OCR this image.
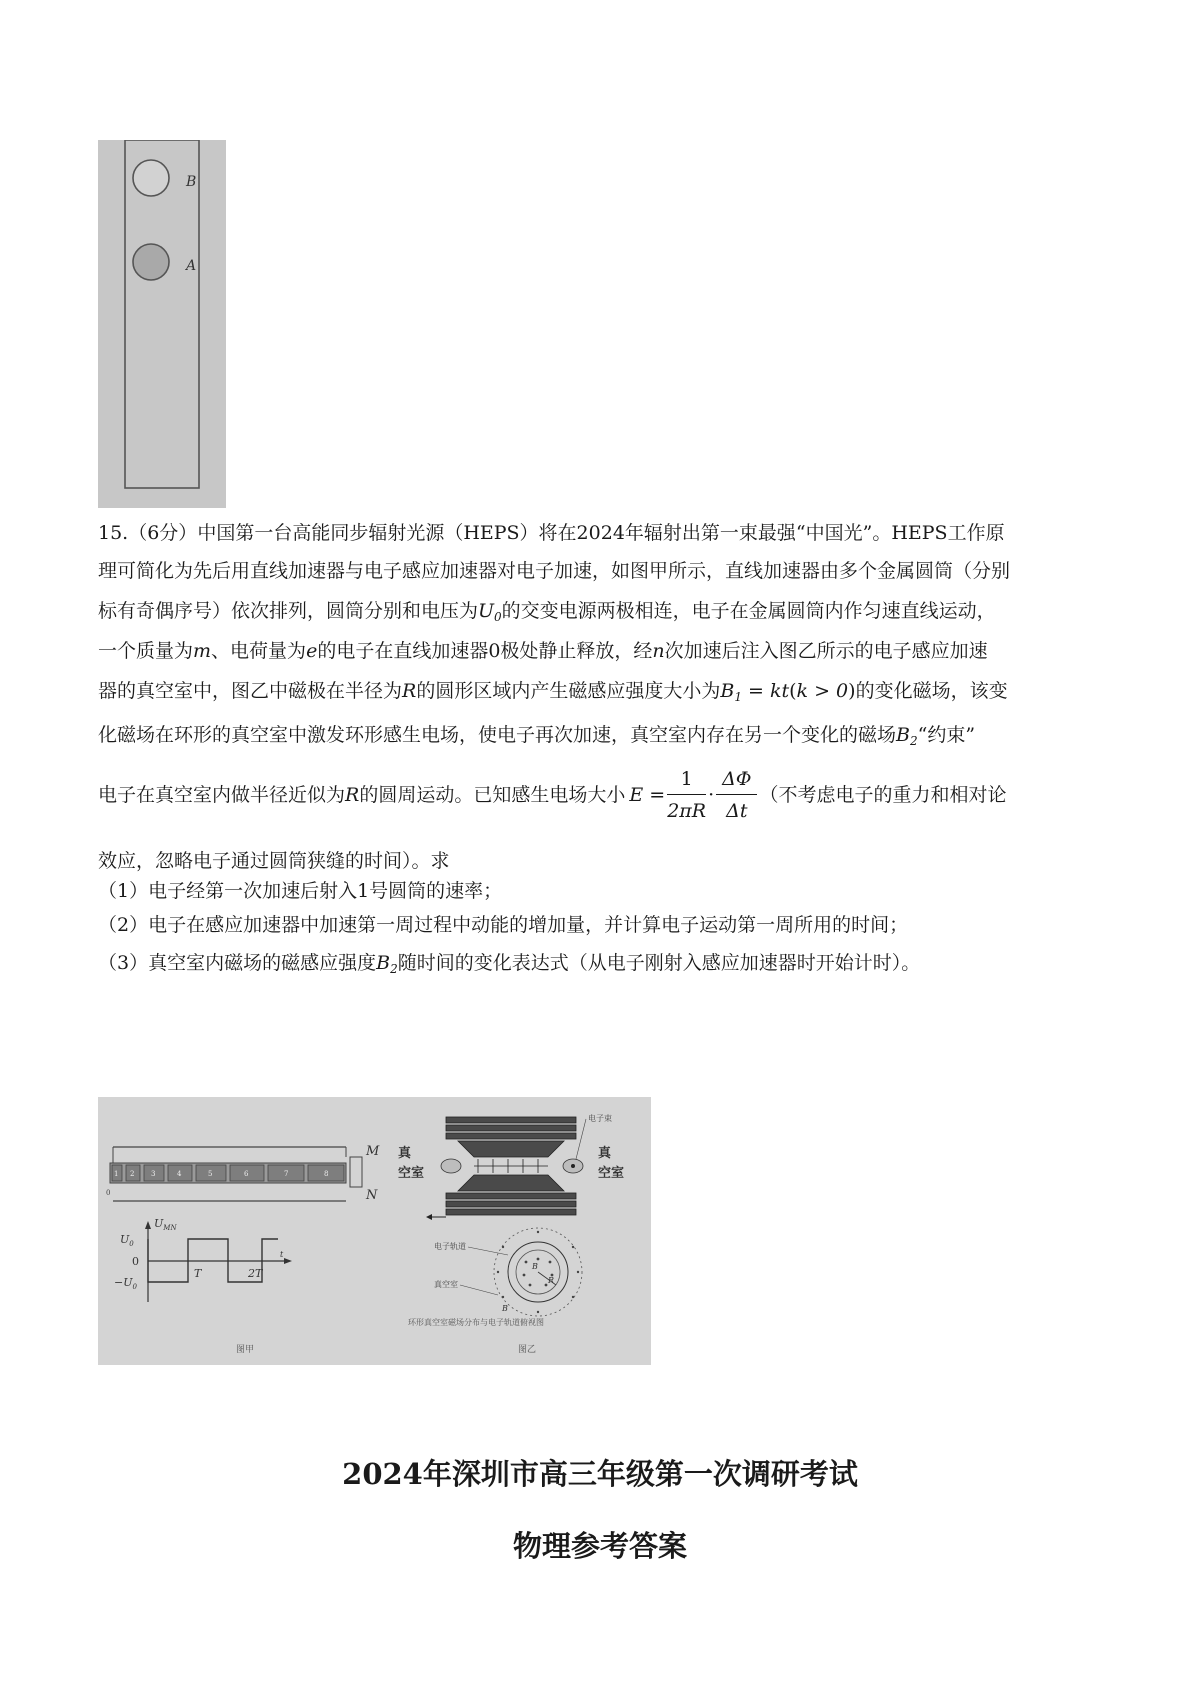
B
A
15.（6分）中国第一台高能同步辐射光源（HEPS）将在2024年辐射出第一束最强“中国光”。HEPS工作原
理可简化为先后用直线加速器与电子感应加速器对电子加速，如图甲所示，直线加速器由多个金属圆筒（分别
标有奇偶序号）依次排列，圆筒分别和电压为$U_0$的交变电源两极相连，电子在金属圆筒内作匀速直线运动，
一个质量为m、电荷量为e的电子在直线加速器0极处静止释放，经n次加速后注入图乙所示的电子感应加速
器的真空室中，图乙中磁极在半径为R的圆形区域内产生磁感应强度大小为$B_1 = kt(k > 0)$的变化磁场，该变
化磁场在环形的真空室中激发环形感生电场，使电子再次加速，真空室内存在另一个变化的磁场$B_2“$约束”
电子在真空室内做半径近似为 R 的圆周运动。已知感生电场大小 $E = \frac{1}{2\pi R} \cdot \frac{\Delta\Phi}{\Delta t}$ （不考虑电子的重力和相对论
效应，忽略电子通过圆筒狭缝的时间）。求
（1）电子经第一次加速后射入1号圆筒的速率；
（2）电子在感应加速器中加速第一周过程中动能的增加量，并计算电子运动第一周所用的时间；
（3）真空室内磁场的磁感应强度$B_2$随时间的变化表达式（从电子刚射入感应加速器时开始计时）。
1 2 3	4	5	6	7	8
0
M
N
$U_{MN}$
$U_0$
0
$-U_0$
T	2T
t
图甲
电子束
真
空室
真
空室
B
R
B
电子轨道
真空室
环形真空室磁场分布与电子轨道俯视图
图乙
2024年深圳市高三年级第一次调研考试
物理参考答案
